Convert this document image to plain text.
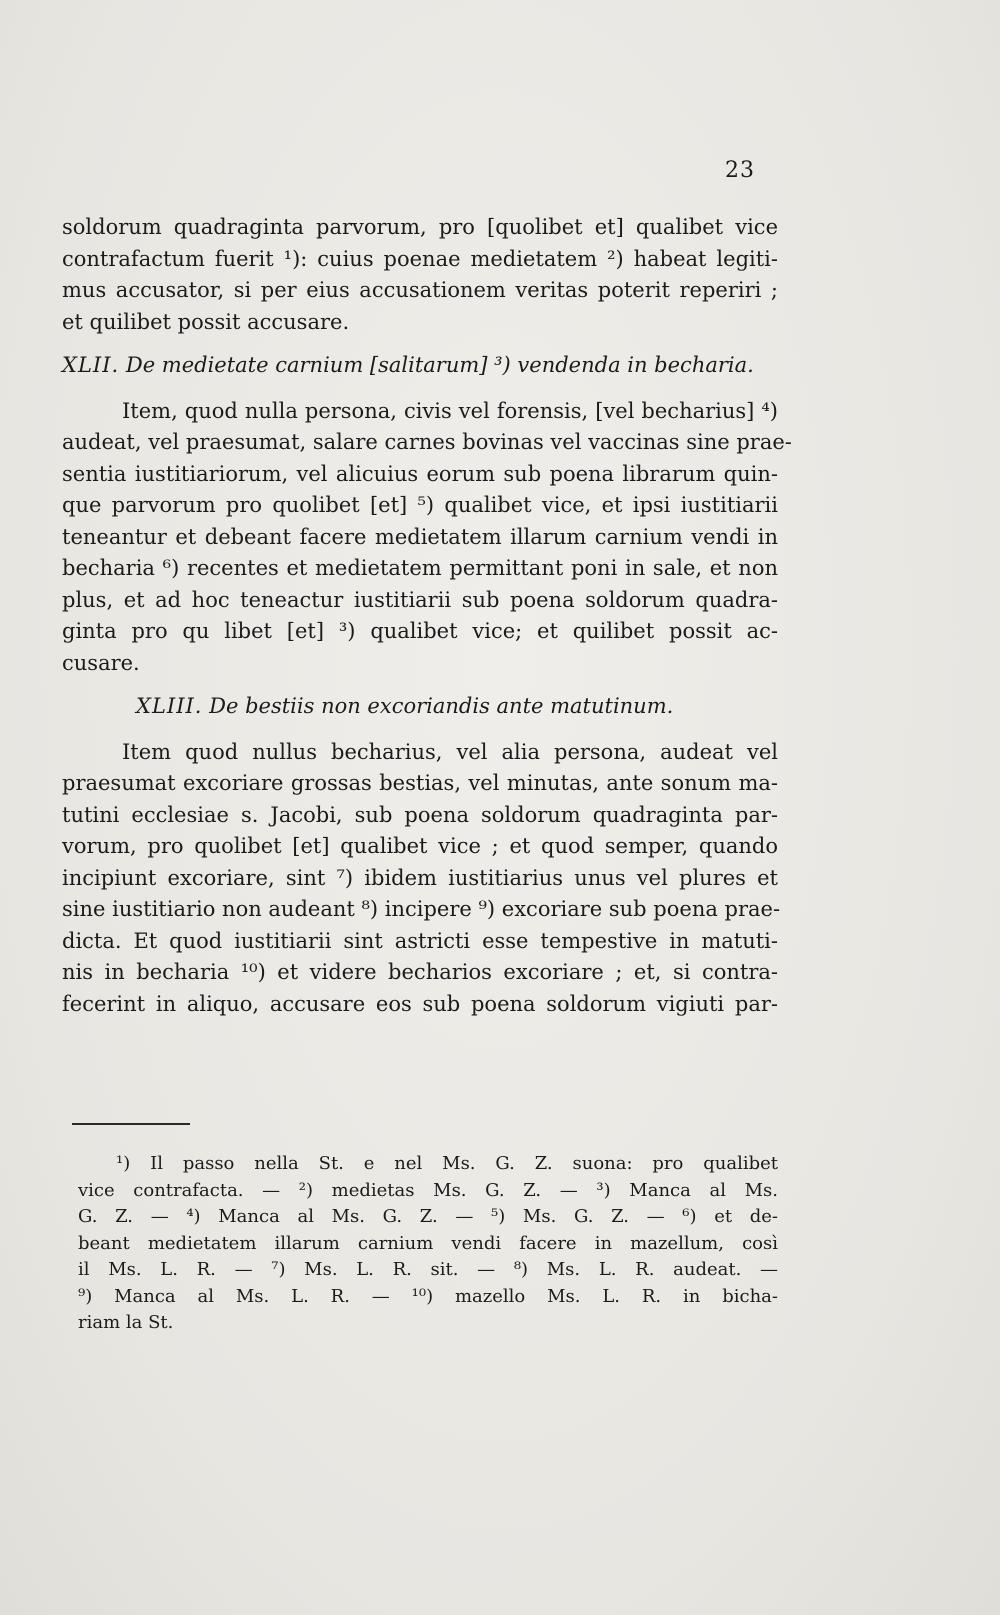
23
soldorum quadraginta parvorum, pro [quolibet et] qualibet vice
contrafactum fuerit ¹): cuius poenae medietatem ²) habeat legiti-
mus accusator, si per eius accusationem veritas poterit reperiri ;
et quilibet possit accusare.
XLII. De medietate carnium [salitarum] ³) vendenda in becharia.
Item, quod nulla persona, civis vel forensis, [vel becharius] ⁴)
audeat, vel praesumat, salare carnes bovinas vel vaccinas sine prae-
sentia iustitiariorum, vel alicuius eorum sub poena librarum quin-
que parvorum pro quolibet [et] ⁵) qualibet vice, et ipsi iustitiarii
teneantur et debeant facere medietatem illarum carnium vendi in
becharia ⁶) recentes et medietatem permittant poni in sale, et non
plus, et ad hoc teneactur iustitiarii sub poena soldorum quadra-
ginta pro qu libet [et] ³) qualibet vice; et quilibet possit ac-
cusare.
XLIII. De bestiis non excoriandis ante matutinum.
Item quod nullus becharius, vel alia persona, audeat vel
praesumat excoriare grossas bestias, vel minutas, ante sonum ma-
tutini ecclesiae s. Jacobi, sub poena soldorum quadraginta par-
vorum, pro quolibet [et] qualibet vice ; et quod semper, quando
incipiunt excoriare, sint ⁷) ibidem iustitiarius unus vel plures et
sine iustitiario non audeant ⁸) incipere ⁹) excoriare sub poena prae-
dicta. Et quod iustitiarii sint astricti esse tempestive in matuti-
nis in becharia ¹⁰) et videre becharios excoriare ; et, si contra-
fecerint in aliquo, accusare eos sub poena soldorum vigiuti par-
¹) Il passo nella St. e nel Ms. G. Z. suona: pro qualibet
vice contrafacta. — ²) medietas Ms. G. Z. — ³) Manca al Ms.
G. Z. — ⁴) Manca al Ms. G. Z. — ⁵) Ms. G. Z. — ⁶) et de-
beant medietatem illarum carnium vendi facere in mazellum, così
il Ms. L. R. — ⁷) Ms. L. R. sit. — ⁸) Ms. L. R. audeat. —
⁹) Manca al Ms. L. R. — ¹⁰) mazello Ms. L. R. in bicha-
riam la St.
